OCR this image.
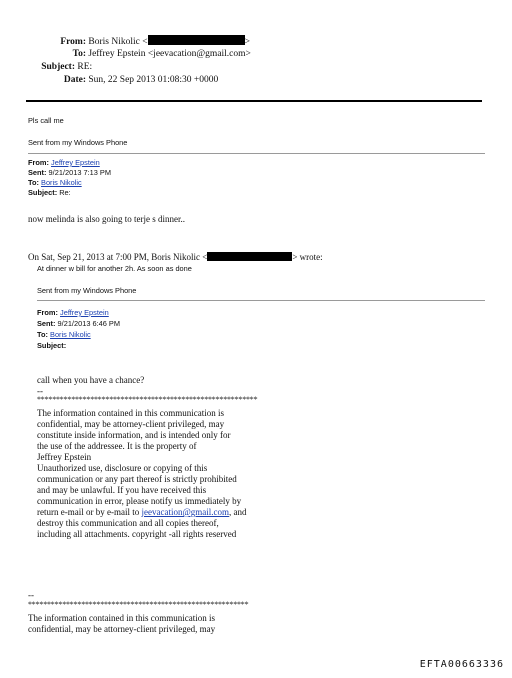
From: Boris Nikolic <	>
To: Jeffrey Epstein <jeevacation@gmail.com>
Subject: RE:
Date: Sun, 22 Sep 2013 01:08:30 +0000
Pls call me
Sent from my Windows Phone
From: Jeffrey Epstein
Sent: 9/21/2013 7:13 PM
To: Boris Nikolic
Subject: Re:
now melinda is also going to terje s dinner..
On Sat, Sep 21, 2013 at 7:00 PM, Boris Nikolic <	> wrote:
At dinner w bill for another 2h. As soon as done
Sent from my Windows Phone
From: Jeffrey Epstein
Sent: 9/21/2013 6:46 PM
To: Boris Nikolic
Subject:
call when you have a chance?
--
**********************************************************
The information contained in this communication is
confidential, may be attorney-client privileged, may
constitute inside information, and is intended only for
the use of the addressee. It is the property of
Jeffrey Epstein
Unauthorized use, disclosure or copying of this
communication or any part thereof is strictly prohibited
and may be unlawful. If you have received this
communication in error, please notify us immediately by
return e-mail or by e-mail to jeevacation@gmail.com, and
destroy this communication and all copies thereof,
including all attachments. copyright -all rights reserved
--
**********************************************************
The information contained in this communication is
confidential, may be attorney-client privileged, may
EFTA00663336
